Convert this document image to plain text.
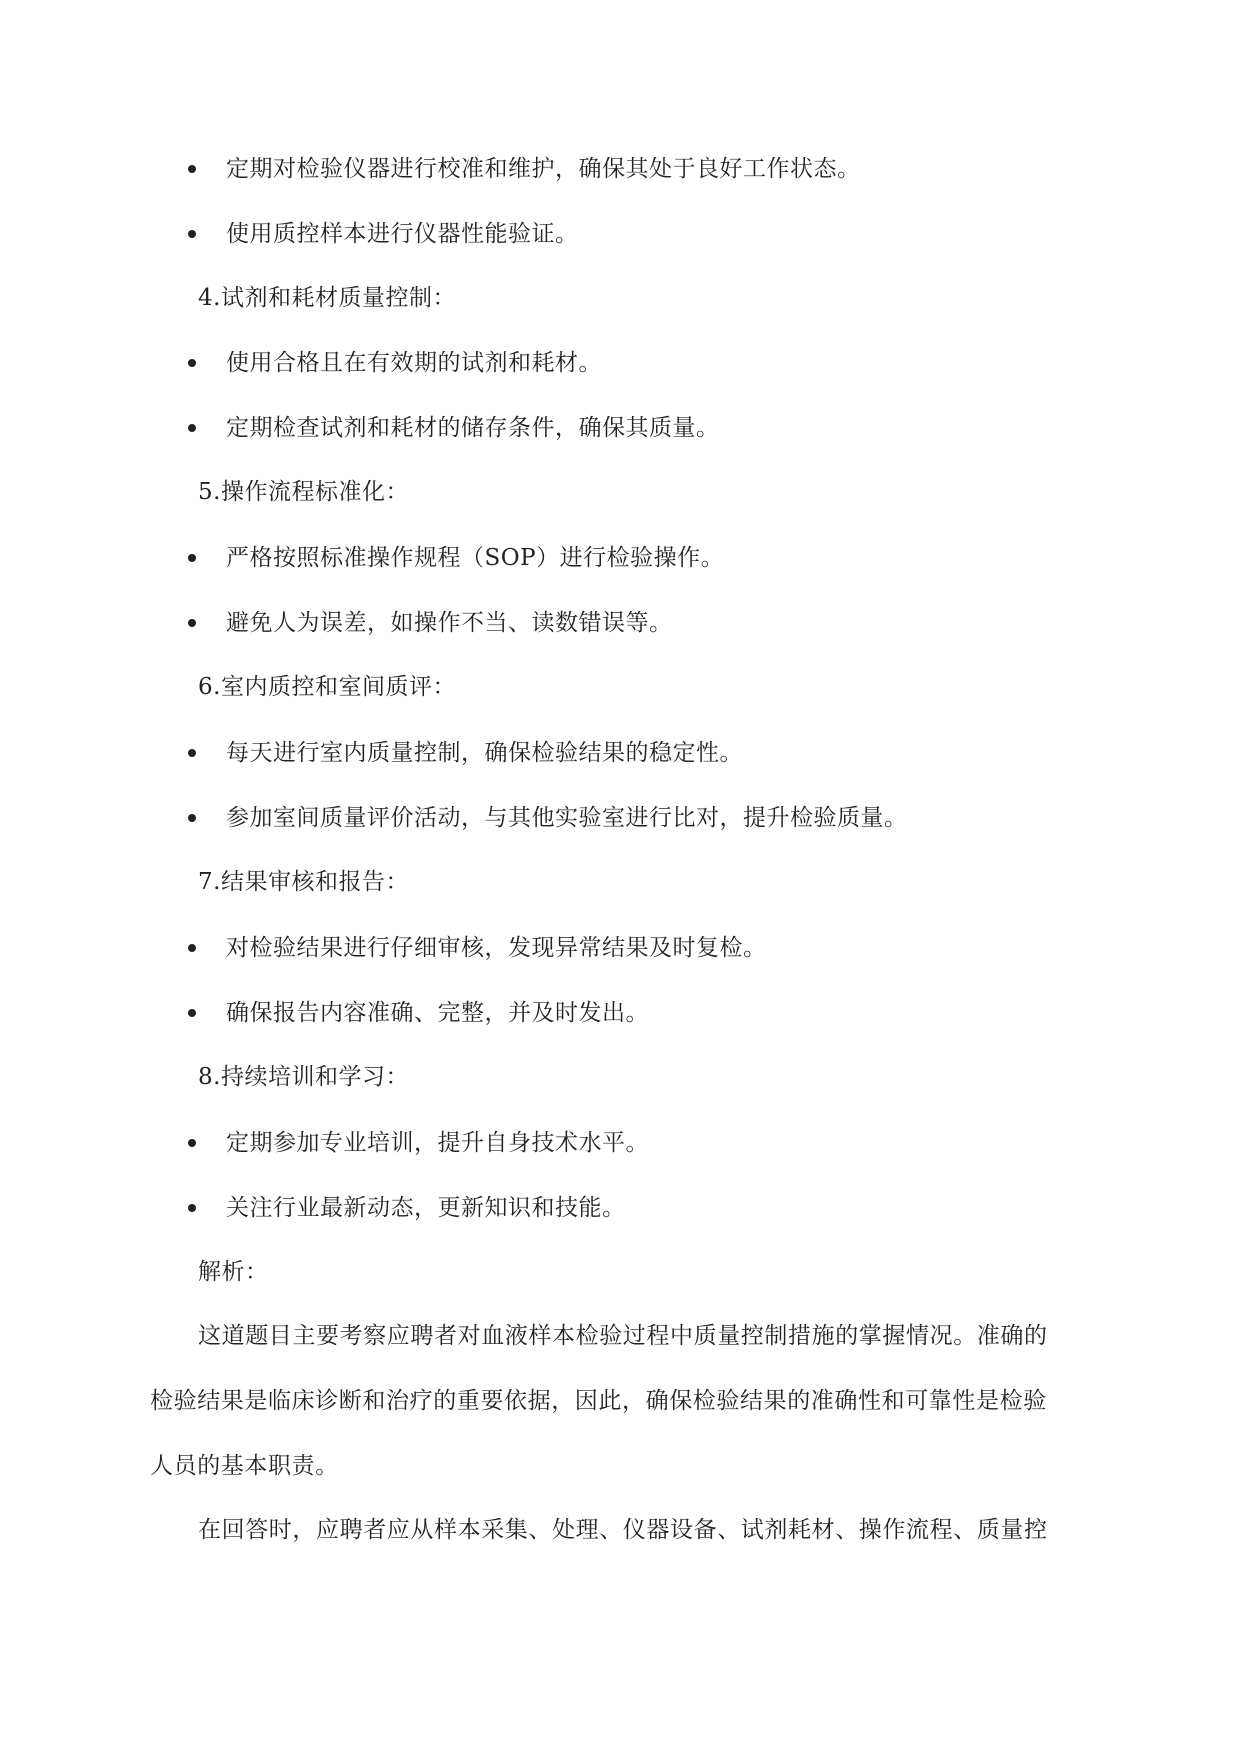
定期对检验仪器进行校准和维护，确保其处于良好工作状态。
使用质控样本进行仪器性能验证。
4.试剂和耗材质量控制：
使用合格且在有效期的试剂和耗材。
定期检查试剂和耗材的储存条件，确保其质量。
5.操作流程标准化：
严格按照标准操作规程（SOP）进行检验操作。
避免人为误差，如操作不当、读数错误等。
6.室内质控和室间质评：
每天进行室内质量控制，确保检验结果的稳定性。
参加室间质量评价活动，与其他实验室进行比对，提升检验质量。
7.结果审核和报告：
对检验结果进行仔细审核，发现异常结果及时复检。
确保报告内容准确、完整，并及时发出。
8.持续培训和学习：
定期参加专业培训，提升自身技术水平。
关注行业最新动态，更新知识和技能。
解析：
这道题目主要考察应聘者对血液样本检验过程中质量控制措施的掌握情况。准确的
检验结果是临床诊断和治疗的重要依据，因此，确保检验结果的准确性和可靠性是检验
人员的基本职责。
在回答时，应聘者应从样本采集、处理、仪器设备、试剂耗材、操作流程、质量控
